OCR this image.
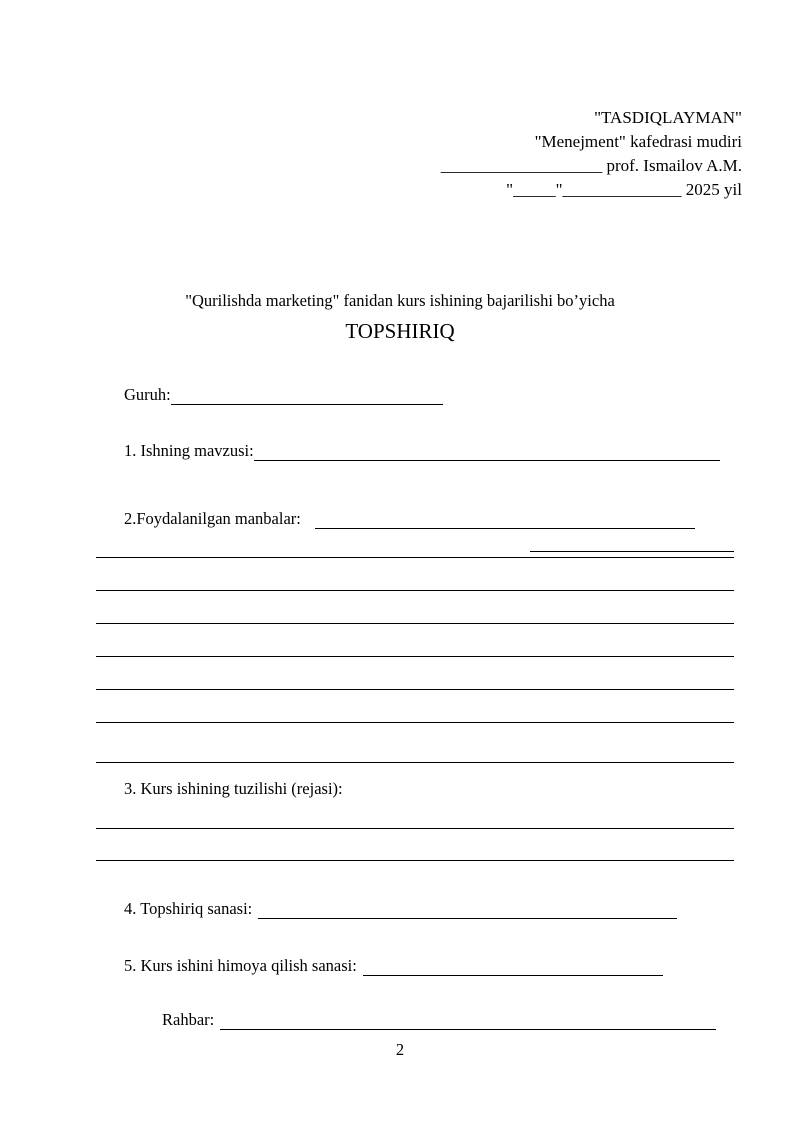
"TASDIQLAYMAN"
"Menejment" kafedrasi mudiri
___________________ prof. Ismailov A.M.
"_____"______________ 2025 yil
"Qurilishda marketing" fanidan kurs ishining bajarilishi bo’yicha
TOPSHIRIQ
Guruh:
1. Ishning mavzusi:
2.Foydalanilgan manbalar:
3. Kurs ishining tuzilishi (rejasi):
4. Topshiriq sanasi:
5. Kurs ishini himoya qilish sanasi:
Rahbar:
2
